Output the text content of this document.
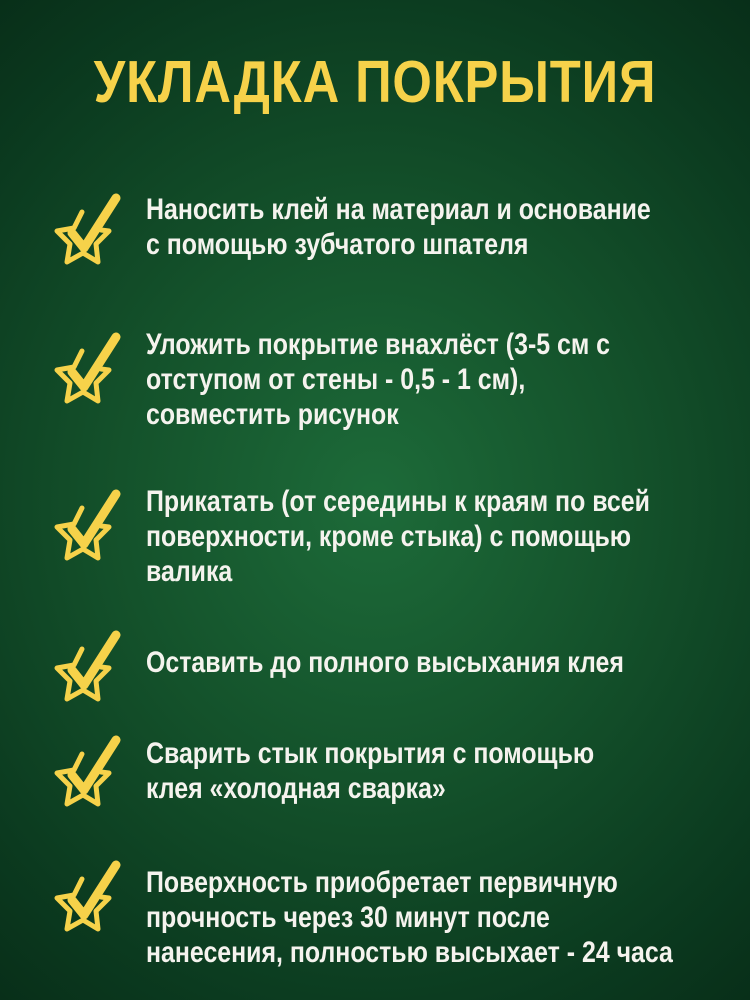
УКЛАДКА ПОКРЫТИЯ

Наносить клей на материал и основание
с помощью зубчатого шпателя

Уложить покрытие внахлёст (3-5 см с
отступом от стены - 0,5 - 1 см),
совместить рисунок

Прикатать (от середины к краям по всей
поверхности, кроме стыка) с помощью
валика

Оставить до полного высыхания клея

Сварить стык покрытия с помощью
клея «холодная сварка»

Поверхность приобретает первичную
прочность через 30 минут после
нанесения, полностью высыхает - 24 часа
